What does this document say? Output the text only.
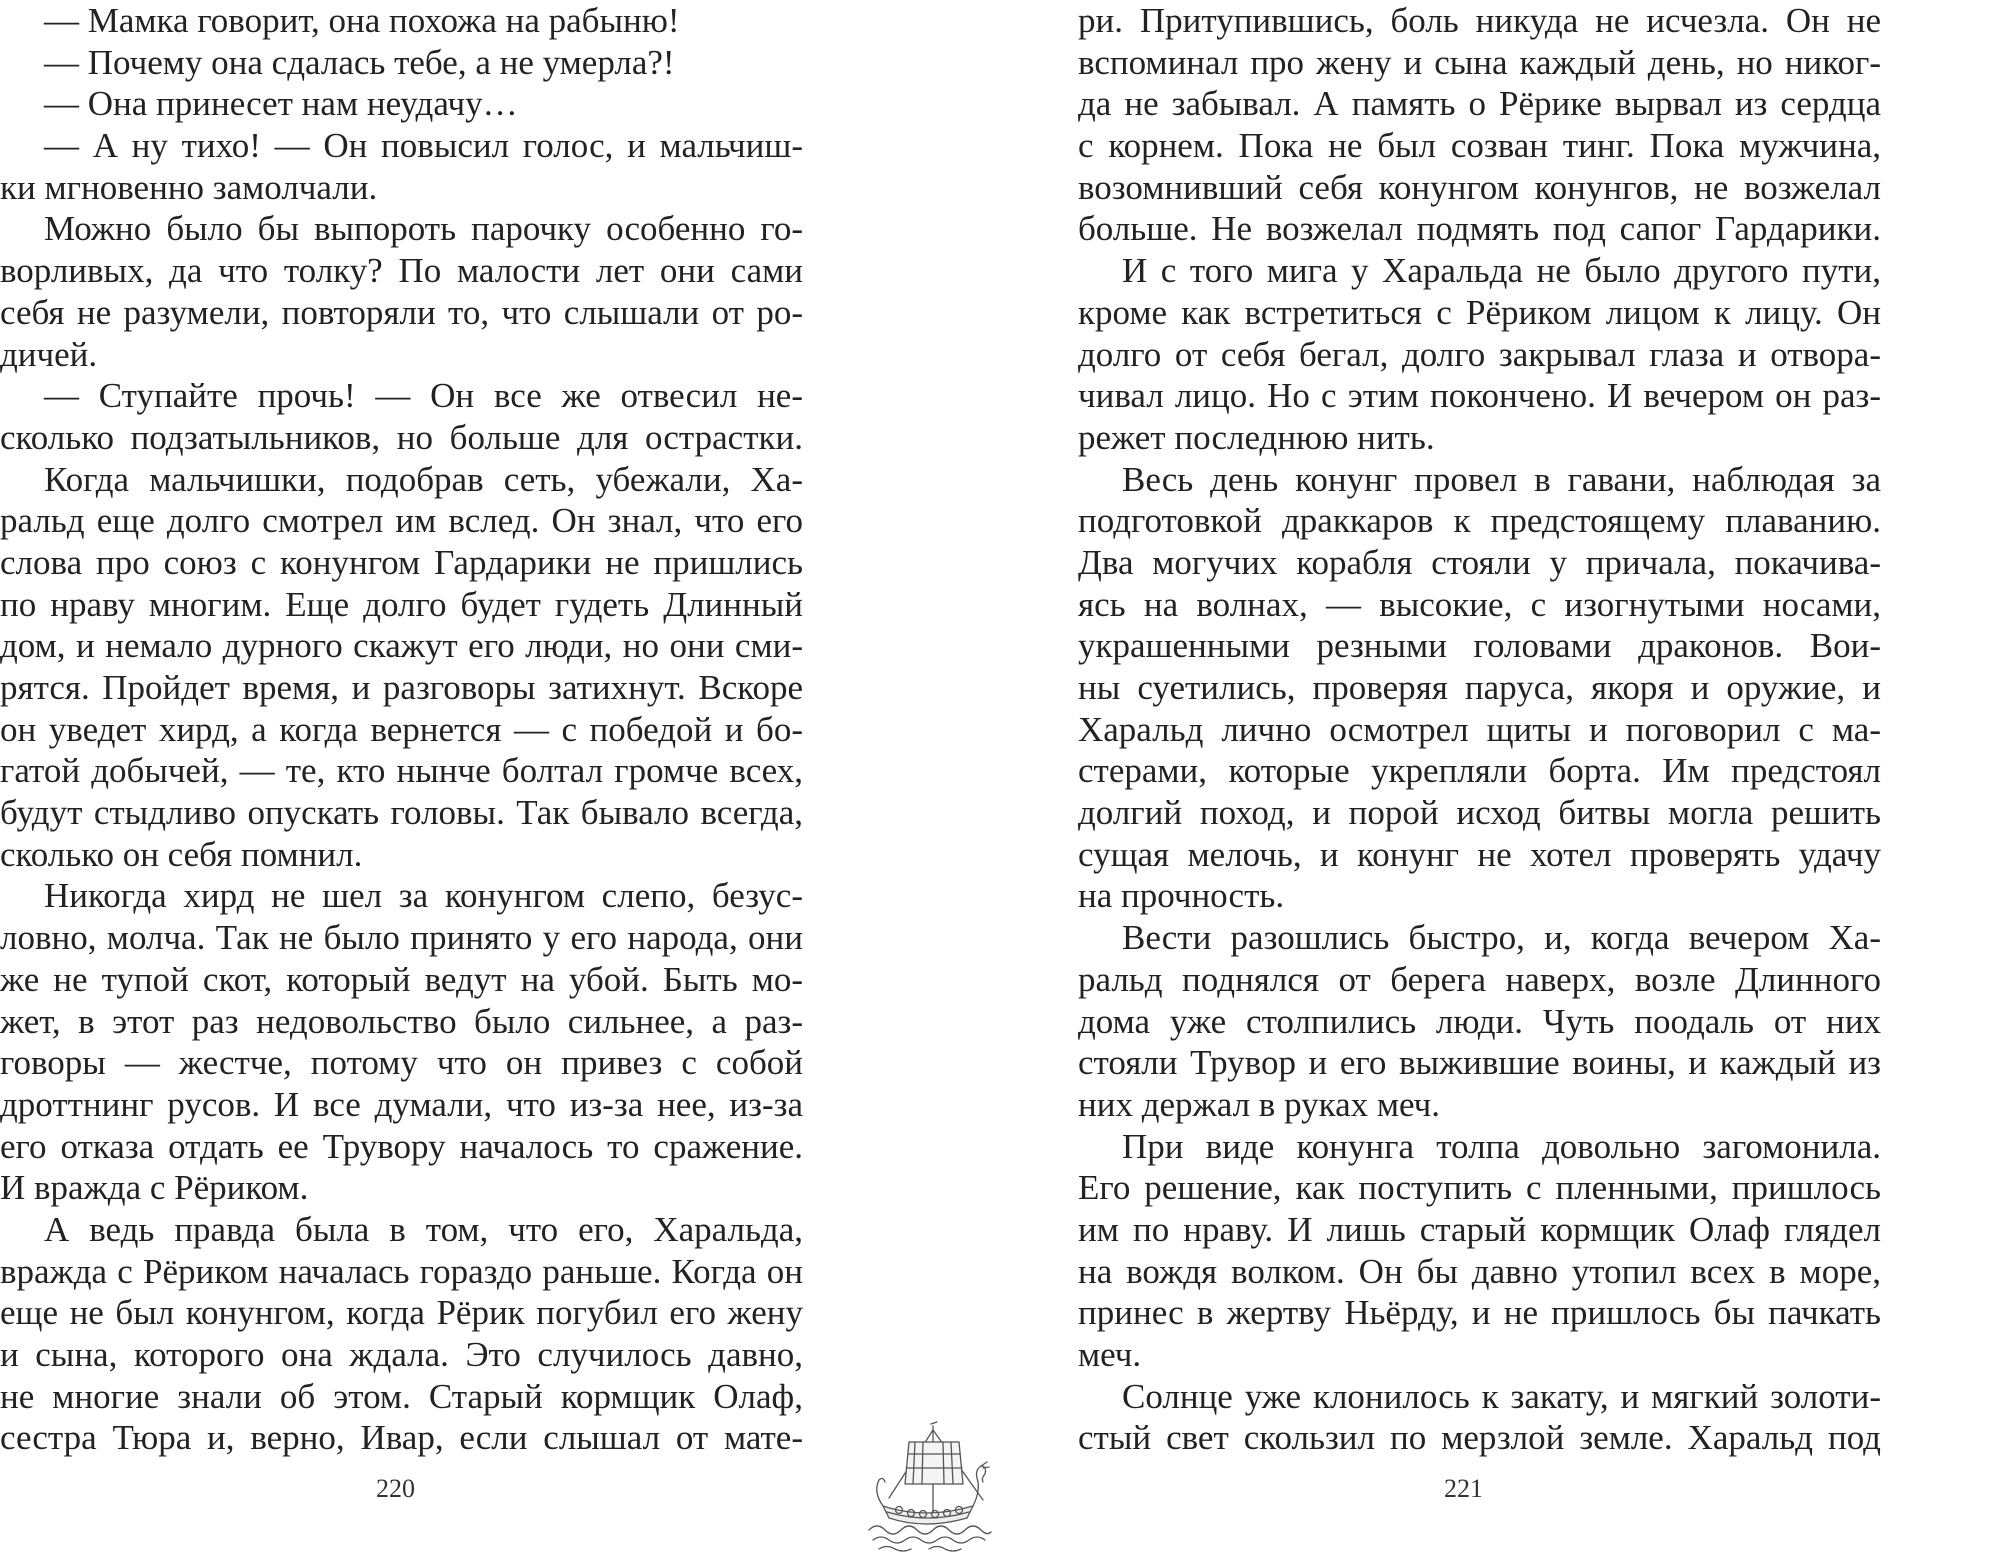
— Мамка говорит, она похожа на рабыню!
— Почему она сдалась тебе, а не умерла?!
— Она принесет нам неудачу…
— А ну тихо! — Он повысил голос, и мальчиш-
ки мгновенно замолчали.
Можно было бы выпороть парочку особенно го-
ворливых, да что толку? По малости лет они сами
себя не разумели, повторяли то, что слышали от ро-
дичей.
— Ступайте прочь! — Он все же отвесил не-
сколько подзатыльников, но больше для острастки.
Когда мальчишки, подобрав сеть, убежали, Ха-
ральд еще долго смотрел им вслед. Он знал, что его
слова про союз с конунгом Гардарики не пришлись
по нраву многим. Еще долго будет гудеть Длинный
дом, и немало дурного скажут его люди, но они сми-
рятся. Пройдет время, и разговоры затихнут. Вскоре
он уведет хирд, а когда вернется — с победой и бо-
гатой добычей, — те, кто нынче болтал громче всех,
будут стыдливо опускать головы. Так бывало всегда,
сколько он себя помнил.
Никогда хирд не шел за конунгом слепо, безус-
ловно, молча. Так не было принято у его народа, они
же не тупой скот, который ведут на убой. Быть мо-
жет, в этот раз недовольство было сильнее, а раз-
говоры — жестче, потому что он привез с собой
дроттнинг русов. И все думали, что из-за нее, из-за
его отказа отдать ее Трувору началось то сражение.
И вражда с Рёриком.
А ведь правда была в том, что его, Харальда,
вражда с Рёриком началась гораздо раньше. Когда он
еще не был конунгом, когда Рёрик погубил его жену
и сына, которого она ждала. Это случилось давно,
не многие знали об этом. Старый кормщик Олаф,
сестра Тюра и, верно, Ивар, если слышал от мате-
220
ри. Притупившись, боль никуда не исчезла. Он не
вспоминал про жену и сына каждый день, но никог-
да не забывал. А память о Рёрике вырвал из сердца
с корнем. Пока не был созван тинг. Пока мужчина,
возомнивший себя конунгом конунгов, не возжелал
больше. Не возжелал подмять под сапог Гардарики.
И с того мига у Харальда не было другого пути,
кроме как встретиться с Рёриком лицом к лицу. Он
долго от себя бегал, долго закрывал глаза и отвора-
чивал лицо. Но с этим покончено. И вечером он раз-
режет последнюю нить.
Весь день конунг провел в гавани, наблюдая за
подготовкой драккаров к предстоящему плаванию.
Два могучих корабля стояли у причала, покачива-
ясь на волнах, — высокие, с изогнутыми носами,
украшенными резными головами драконов. Вои-
ны суетились, проверяя паруса, якоря и оружие, и
Харальд лично осмотрел щиты и поговорил с ма-
стерами, которые укрепляли борта. Им предстоял
долгий поход, и порой исход битвы могла решить
сущая мелочь, и конунг не хотел проверять удачу
на прочность.
Вести разошлись быстро, и, когда вечером Ха-
ральд поднялся от берега наверх, возле Длинного
дома уже столпились люди. Чуть поодаль от них
стояли Трувор и его выжившие воины, и каждый из
них держал в руках меч.
При виде конунга толпа довольно загомонила.
Его решение, как поступить с пленными, пришлось
им по нраву. И лишь старый кормщик Олаф глядел
на вождя волком. Он бы давно утопил всех в море,
принес в жертву Ньёрду, и не пришлось бы пачкать
меч.
Солнце уже клонилось к закату, и мягкий золоти-
стый свет скользил по мерзлой земле. Харальд под
221
